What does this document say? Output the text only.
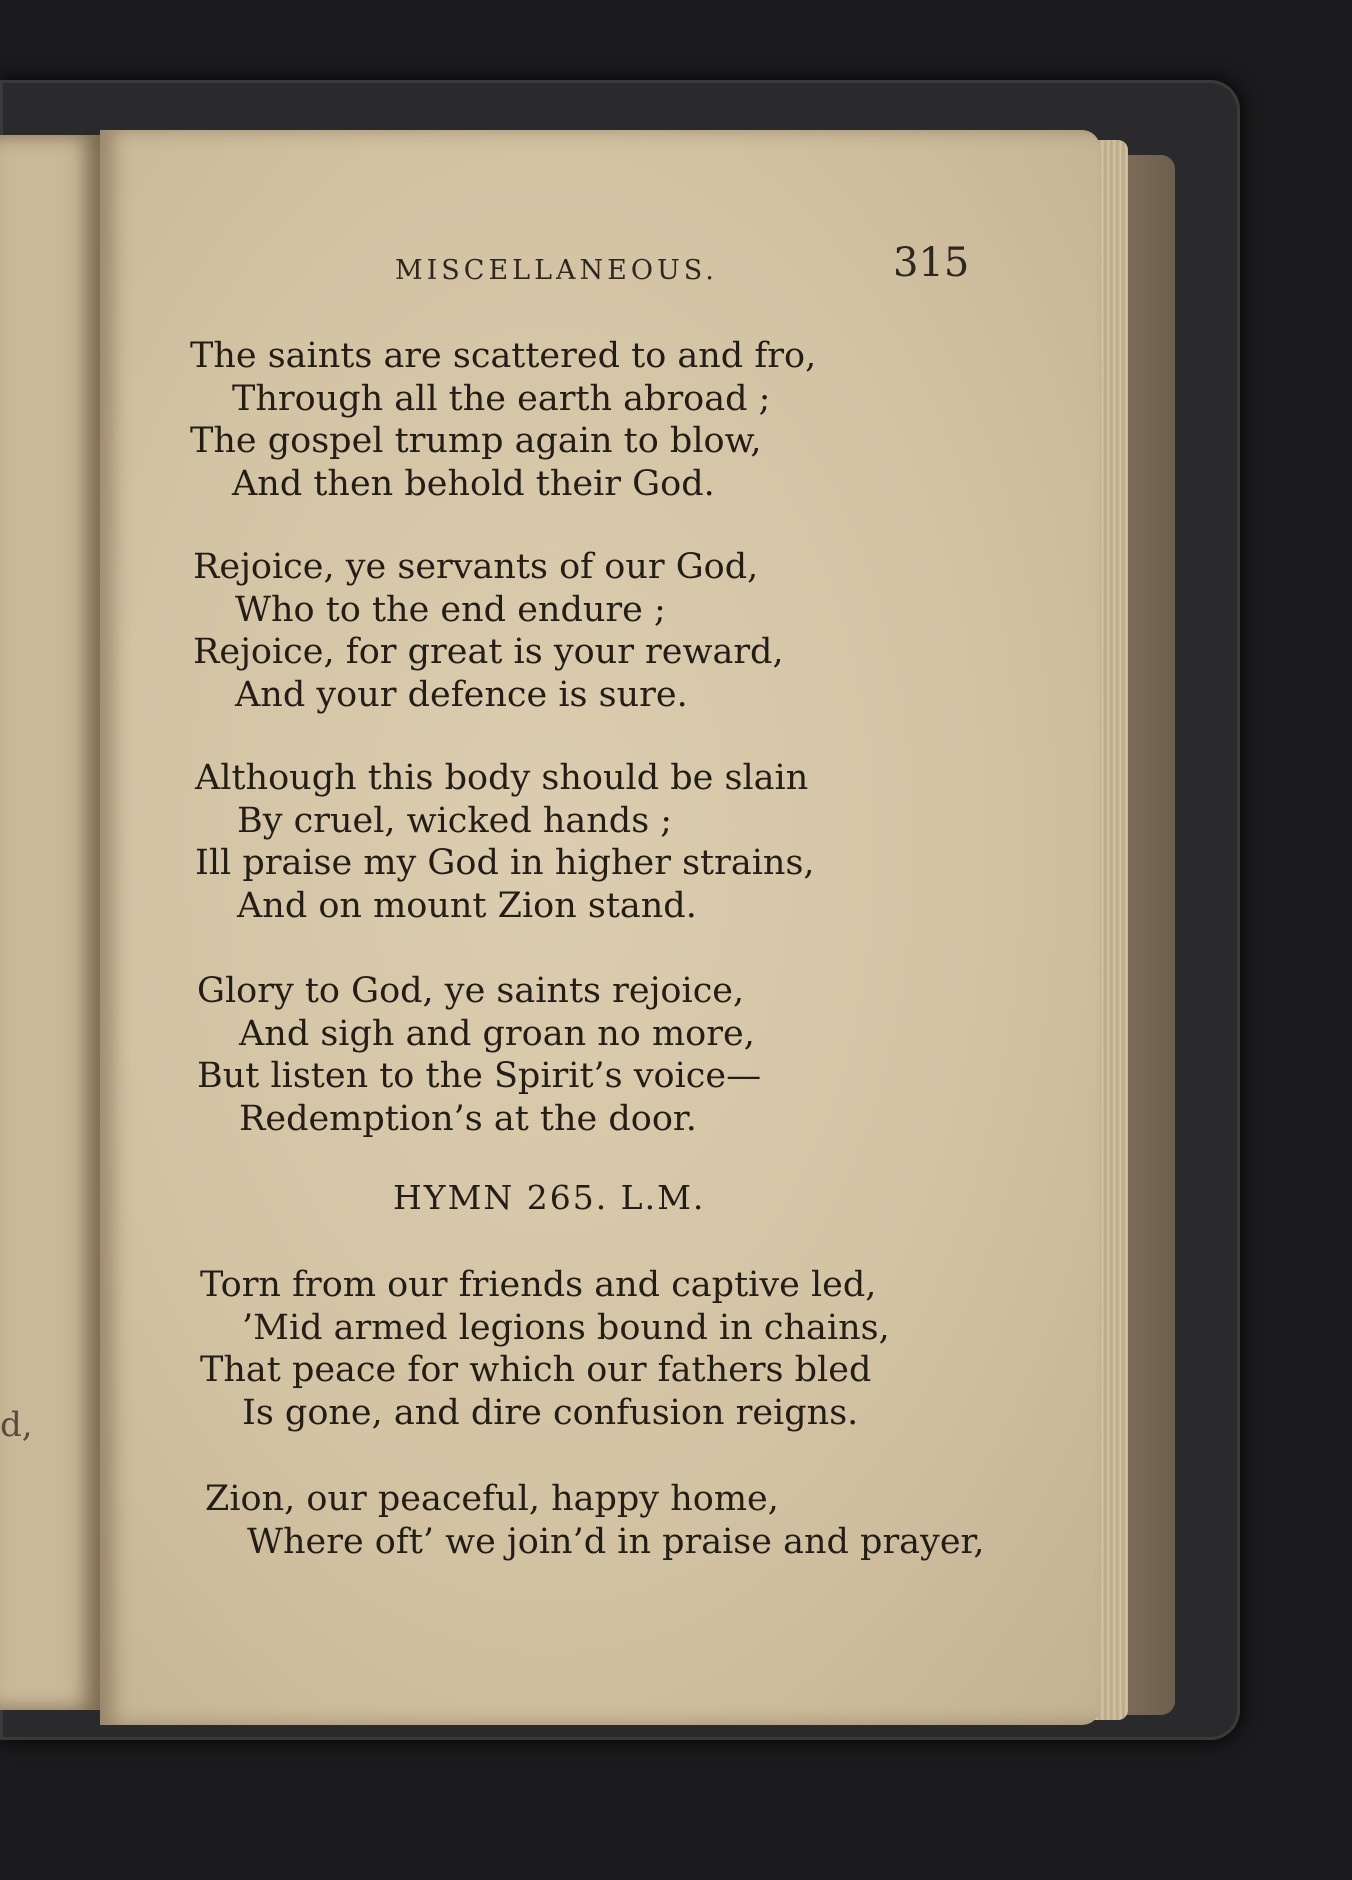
d,
MISCELLANEOUS.	315
The saints are scattered to and fro,
Through all the earth abroad ;
The gospel trump again to blow,
And then behold their God.
Rejoice, ye servants of our God,
Who to the end endure ;
Rejoice, for great is your reward,
And your defence is sure.
Although this body should be slain
By cruel, wicked hands ;
Ill praise my God in higher strains,
And on mount Zion stand.
Glory to God, ye saints rejoice,
And sigh and groan no more,
But listen to the Spirit’s voice—
Redemption’s at the door.
HYMN 265. L.M.
Torn from our friends and captive led,
’Mid armed legions bound in chains,
That peace for which our fathers bled
Is gone, and dire confusion reigns.
Zion, our peaceful, happy home,
Where oft’ we join’d in praise and prayer,
